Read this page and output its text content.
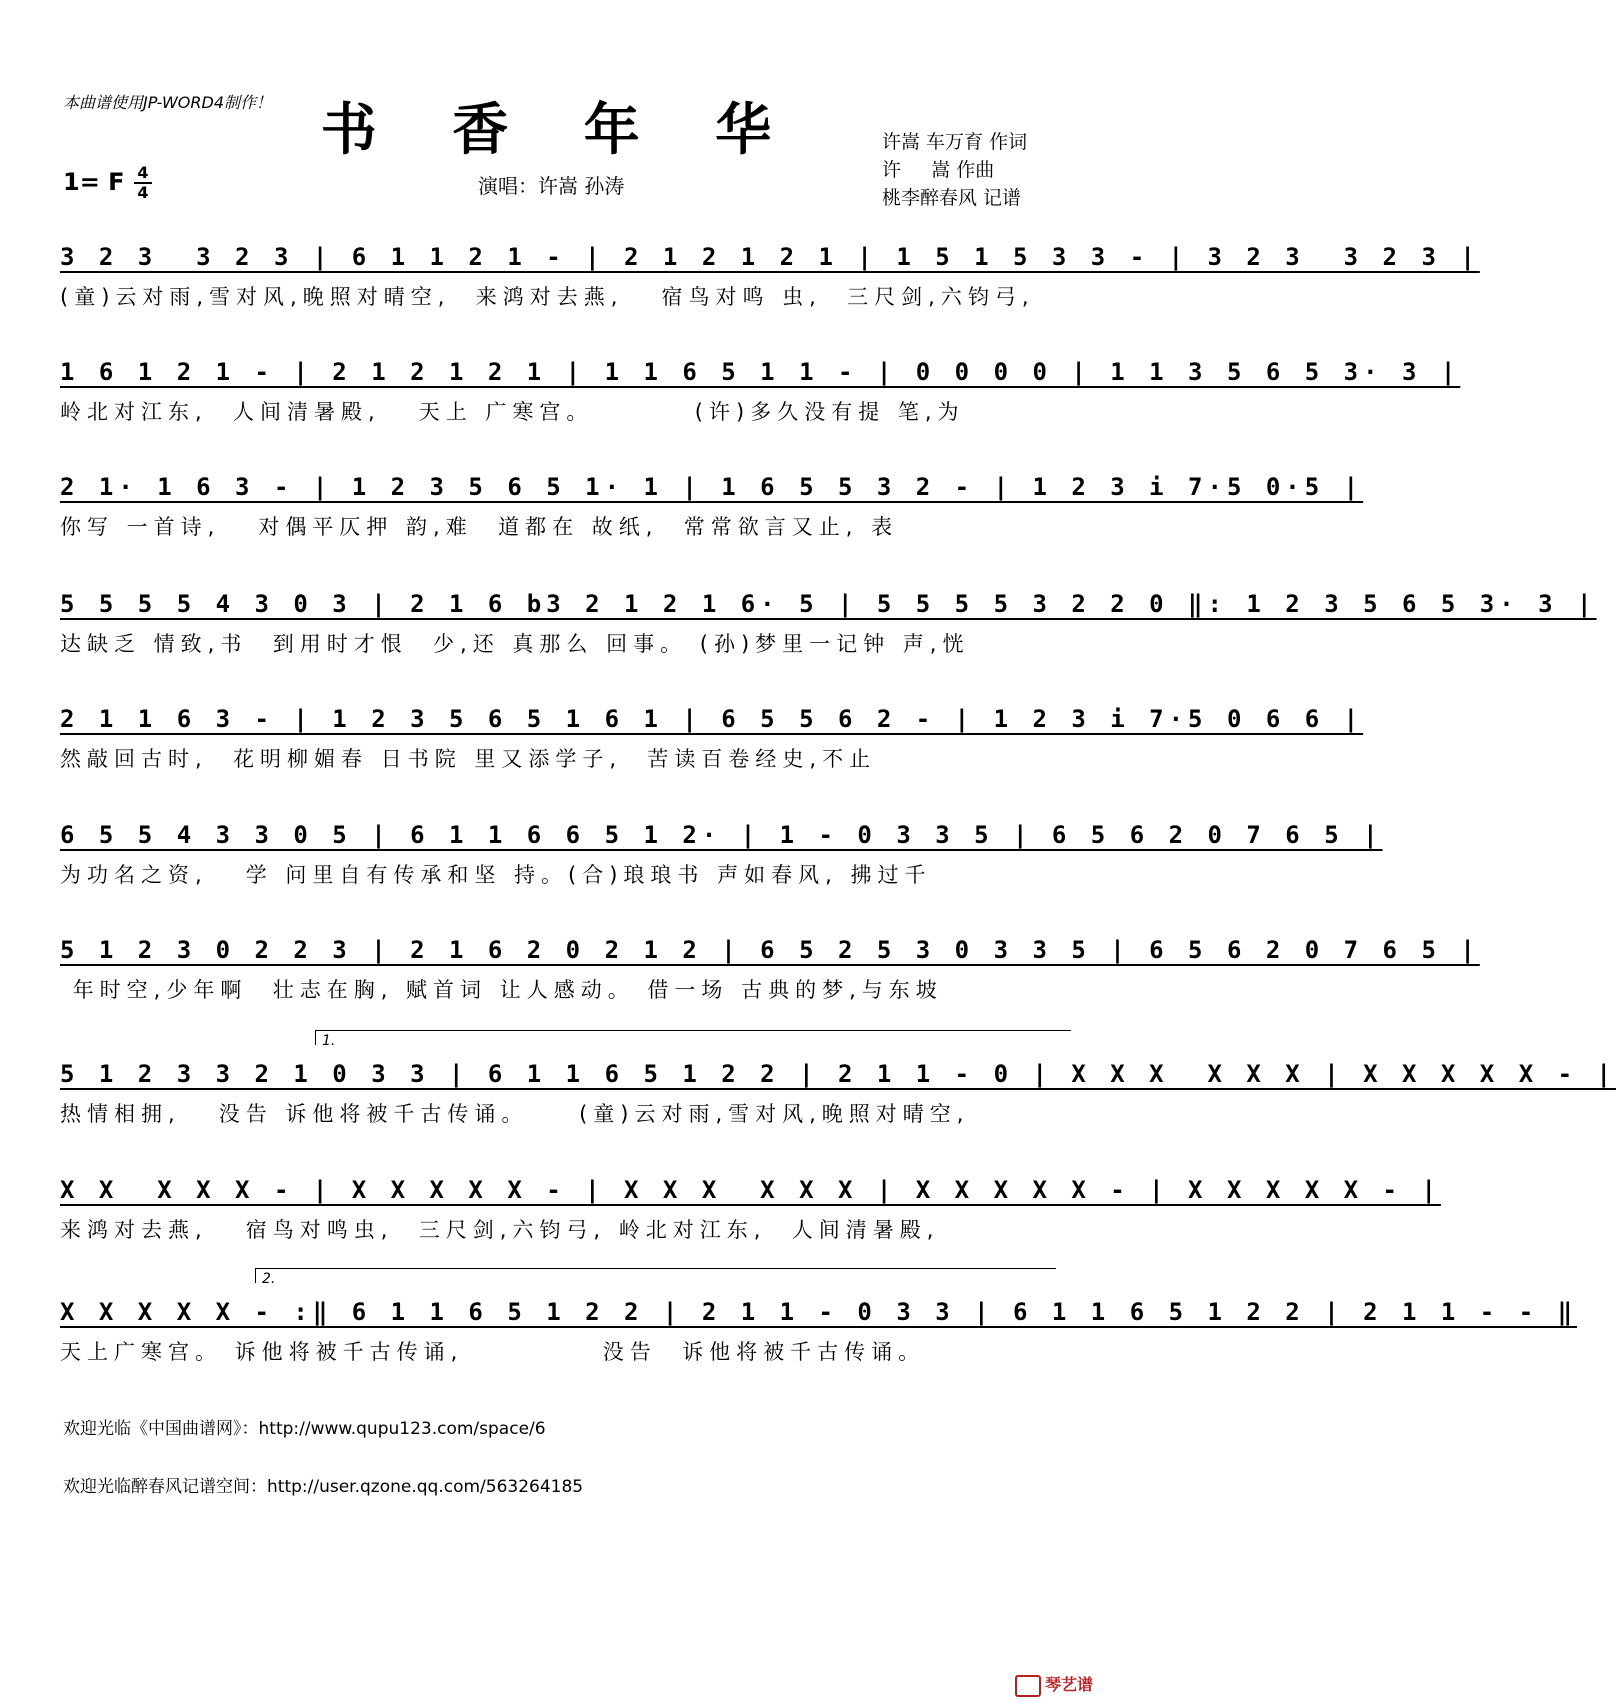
本曲谱使用JP-WORD4制作！ 书 香 年 华
1= F 4
4	演唱：许嵩 孙涛
许嵩 车万育 作词
许     嵩 作曲
桃李醉春风 记谱
3 2 3  3 2 3 | 6 1 1 2 1 - | 2 1 2 1 2 1 | 1 5 1 5 3 3 - | 3 2 3  3 2 3 |
(童)云对雨,雪对风,晚照对晴空,  来鸿对去燕,   宿鸟对鸣 虫,  三尺剑,六钧弓,
1 6 1 2 1 - | 2 1 2 1 2 1 | 1 1 6 5 1 1 - | 0 0 0 0 | 1 1 3 5 6 5 3· 3 |
岭北对江东,  人间清暑殿,   天上 广寒宫。        (许)多久没有提 笔,为
2 1· 1 6 3 - | 1 2 3 5 6 5 1· 1 | 1 6 5 5 3 2 - | 1 2 3 i 7·5 0·5 |
你写 一首诗,   对偶平仄押 韵,难  道都在 故纸,  常常欲言又止, 表
5 5 5 5 4 3 0 3 | 2 1 6 b3 2 1 2 1 6· 5 | 5 5 5 5 3 2 2 0 ‖: 1 2 3 5 6 5 3· 3 |
达缺乏 情致,书  到用时才恨  少,还 真那么 回事。 (孙)梦里一记钟 声,恍
2 1 1 6 3 - | 1 2 3 5 6 5 1 6 1 | 6 5 5 6 2 - | 1 2 3 i 7·5 0 6 6 |
然敲回古时,  花明柳媚春 日书院 里又添学子,  苦读百卷经史,不止
6 5 5 4 3 3 0 5 | 6 1 1 6 6 5 1 2· | 1 - 0 3 3 5 | 6 5 6 2 0 7 6 5 |
为功名之资,   学 问里自有传承和坚 持。(合)琅琅书 声如春风, 拂过千
5 1 2 3 0 2 2 3 | 2 1 6 2 0 2 1 2 | 6 5 2 5 3 0 3 3 5 | 6 5 6 2 0 7 6 5 |
年时空,少年啊  壮志在胸, 赋首词 让人感动。 借一场 古典的梦,与东坡
1.
5 1 2 3 3 2 1 0 3 3 | 6 1 1 6 5 1 2 2 | 2 1 1 - 0 | X X X  X X X | X X X X X - |
热情相拥,   没告 诉他将被千古传诵。    (童)云对雨,雪对风,晚照对晴空,
X X  X X X - | X X X X X - | X X X  X X X | X X X X X - | X X X X X - |
来鸿对去燕,   宿鸟对鸣虫,  三尺剑,六钧弓, 岭北对江东,  人间清暑殿,
2.
X X X X X - :‖ 6 1 1 6 5 1 2 2 | 2 1 1 - 0 3 3 | 6 1 1 6 5 1 2 2 | 2 1 1 - - ‖
天上广寒宫。 诉他将被千古传诵,           没告  诉他将被千古传诵。
欢迎光临《中国曲谱网》：http://www.qupu123.com/space/6
欢迎光临醉春风记谱空间：http://user.qzone.qq.com/563264185
琴艺谱
